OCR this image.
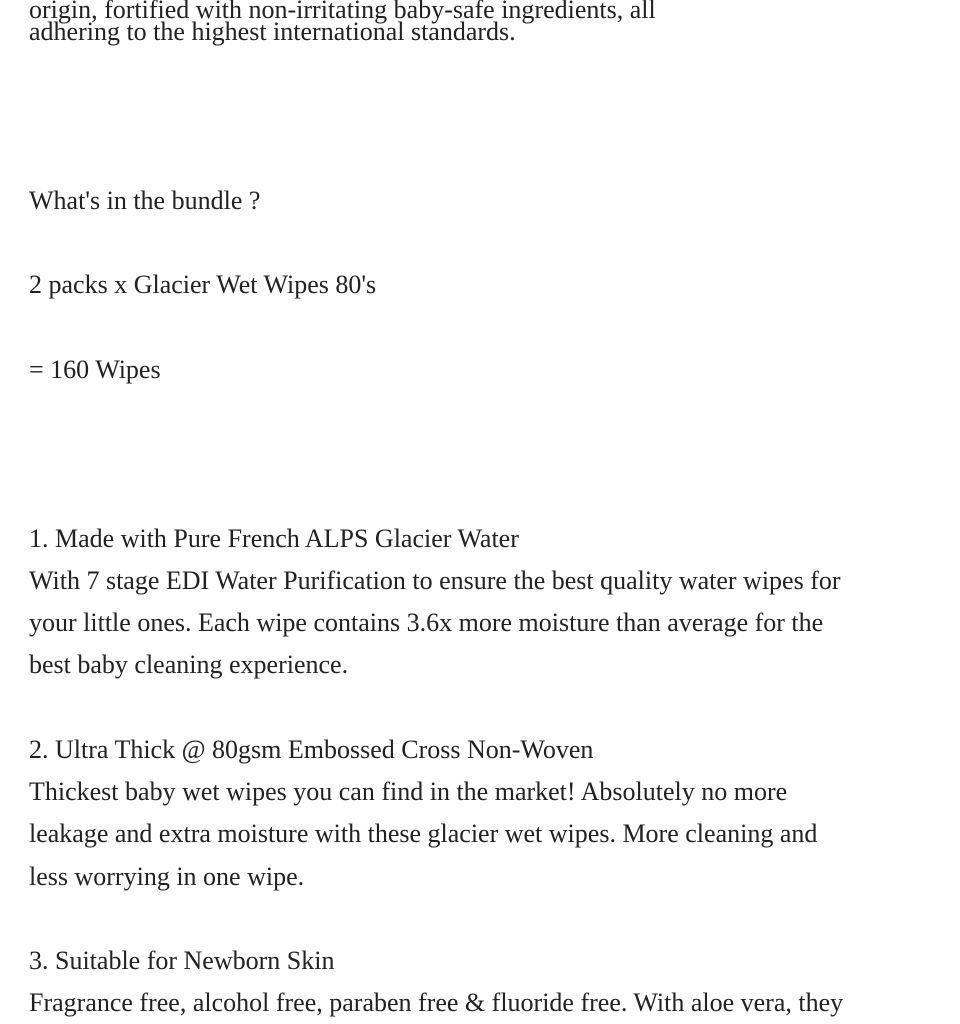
origin, fortified with non-irritating baby-safe ingredients, all
adhering to the highest international standards.
What's in the bundle ?
2 packs x Glacier Wet Wipes 80's
= 160 Wipes
1. Made with Pure French ALPS Glacier Water
With 7 stage EDI Water Purification to ensure the best quality water wipes for
your little ones. Each wipe contains 3.6x more moisture than average for the
best baby cleaning experience.
2. Ultra Thick @ 80gsm Embossed Cross Non-Woven
Thickest baby wet wipes you can find in the market! Absolutely no more
leakage and extra moisture with these glacier wet wipes. More cleaning and
less worrying in one wipe.
3. Suitable for Newborn Skin
Fragrance free, alcohol free, paraben free & fluoride free. With aloe vera, they
